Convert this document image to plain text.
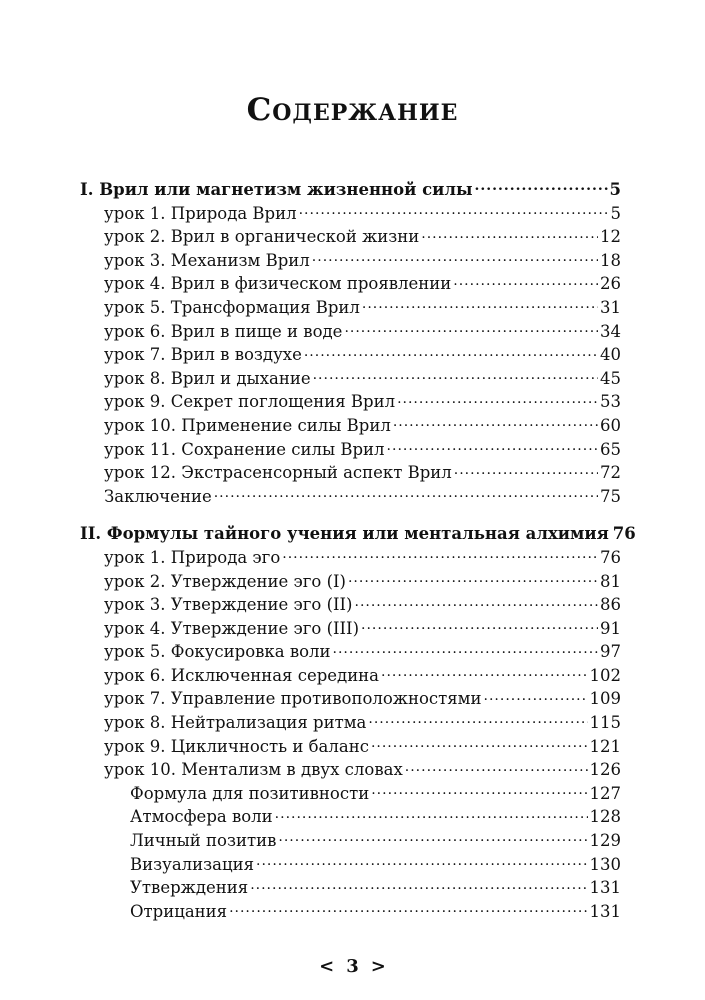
Содержание
I. Врил или магнетизм жизненной силы .....	5
урок 1. Природа Врил .....	5
урок 2. Врил в органической жизни .....	12
урок 3. Механизм Врил .....	18
урок 4. Врил в физическом проявлении .....	26
урок 5. Трансформация Врил .....	31
урок 6. Врил в пище и воде .....	34
урок 7. Врил в воздухе .....	40
урок 8. Врил и дыхание .....	45
урок 9. Секрет поглощения Врил .....	53
урок 10. Применение силы Врил .....	60
урок 11. Сохранение силы Врил .....	65
урок 12. Экстрасенсорный аспект Врил .....	72
Заключение .....	75
II. Формулы тайного учения или ментальная алхимия 76
урок 1. Природа эго .....	76
урок 2. Утверждение эго (I) .....	81
урок 3. Утверждение эго (II) .....	86
урок 4. Утверждение эго (III) .....	91
урок 5. Фокусировка воли .....	97
урок 6. Исключенная середина .....	102
урок 7. Управление противоположностями .....	109
урок 8. Нейтрализация ритма .....	115
урок 9. Цикличность и баланс .....	121
урок 10. Ментализм в двух словах .....	126
Формула для позитивности .....	127
Атмосфера воли .....	128
Личный позитив .....	129
Визуализация .....	130
Утверждения .....	131
Отрицания .....	131
< 3 >
